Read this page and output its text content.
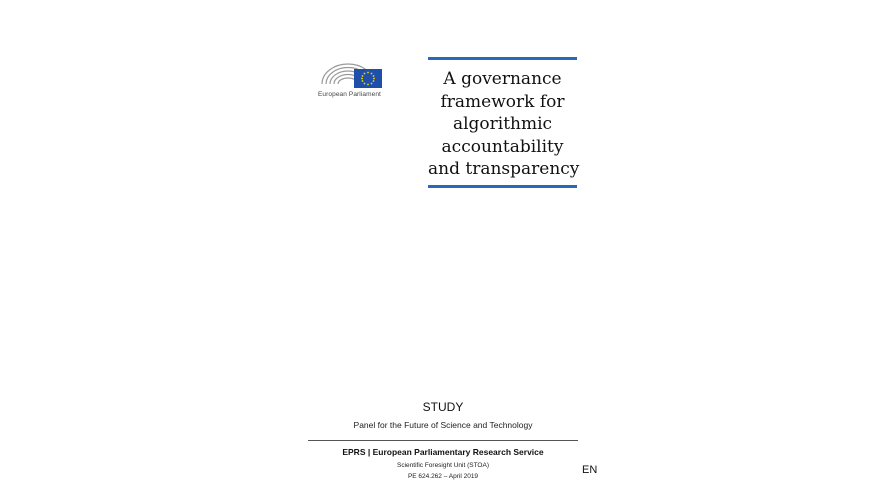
European Parliament
A governance
framework for
algorithmic
accountability
and transparency
STUDY
Panel for the Future of Science and Technology
EPRS | European Parliamentary Research Service
Scientific Foresight Unit (STOA)
PE 624.262 – April 2019
EN
